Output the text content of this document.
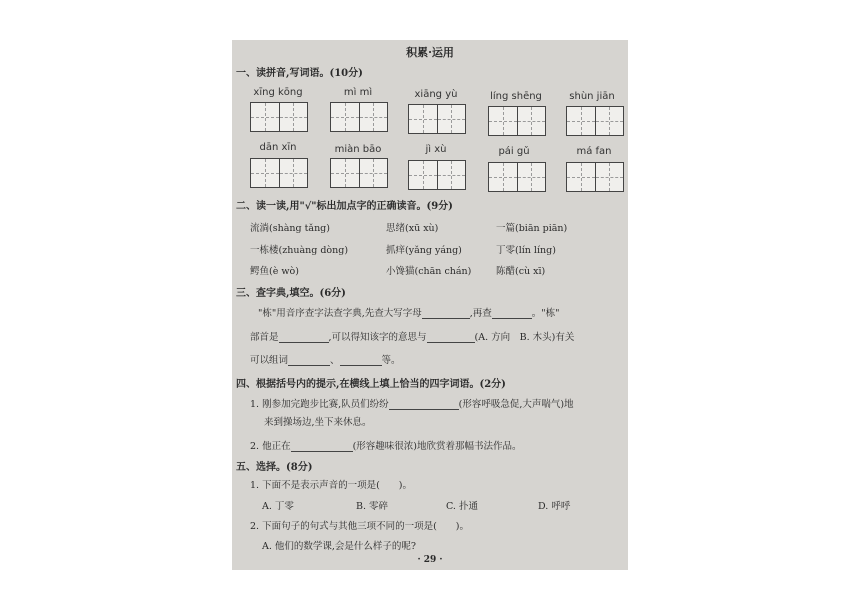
积累·运用
一、读拼音,写词语。(10分)
xīng kōng	mì mì	xiāng yù	líng shēng	shùn jiān
dān xīn	miàn bāo	jì xù	pái gǔ	má fan
二、读一读,用"√"标出加点字的正确读音。(9分)
流淌(shàng tǎng)	思绪(xū xù)	一篇(biān piān)
一栋楼(zhuàng dòng)	抓痒(yǎng yáng)	丁零(lín líng)
鳄鱼(è wò)	小馋猫(chān chán)	陈醋(cù xī)
三、查字典,填空。(6分)
"栋"用音序查字法查字典,先查大写字母	,再查	。"栋"
部首是	,可以得知该字的意思与	(A. 方向　B. 木头)有关
可以组词	、	等。
四、根据括号内的提示,在横线上填上恰当的四字词语。(2分)
1. 刚参加完跑步比赛,队员们纷纷	(形容呼吸急促,大声喘气)地
来到操场边,坐下来休息。
2. 他正在	(形容趣味很浓)地欣赏着那幅书法作品。
五、选择。(8分)
1. 下面不是表示声音的一项是(　　)。
A. 丁零	B. 零碎	C. 扑通	D. 呼呼
2. 下面句子的句式与其他三项不同的一项是(　　)。
A. 他们的数学课,会是什么样子的呢?
· 29 ·
